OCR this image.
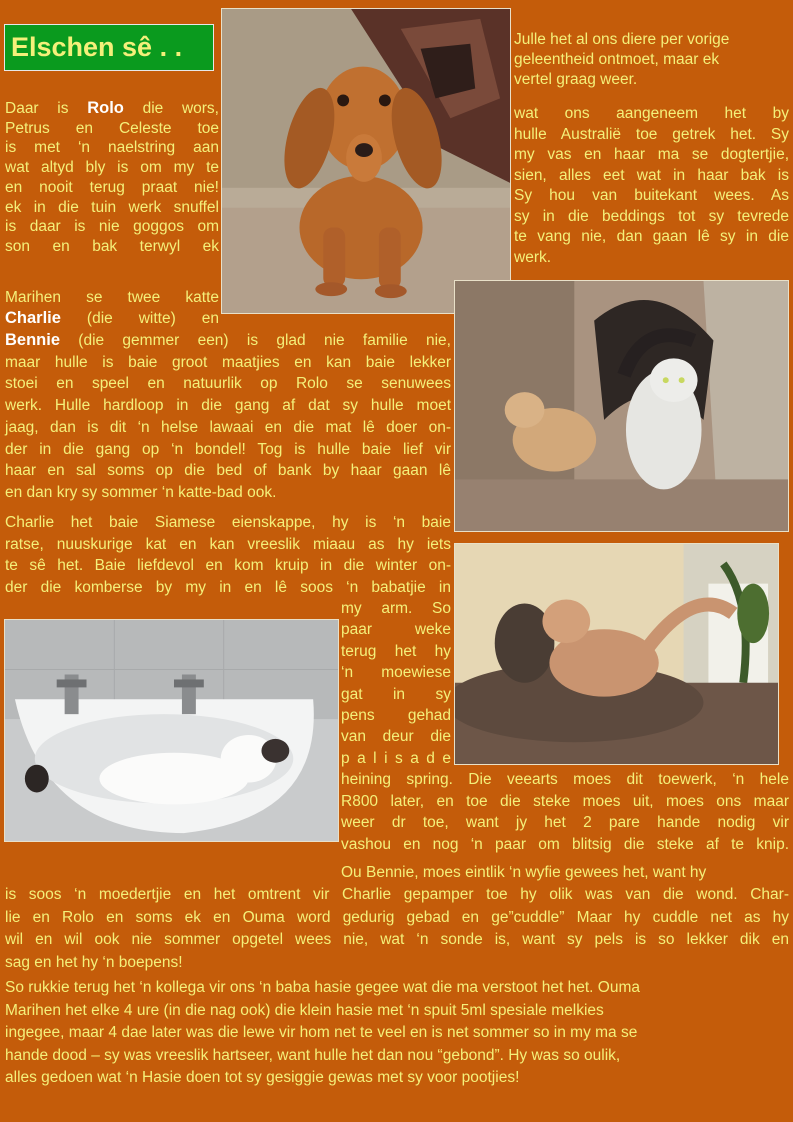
Elschen sê . .	Julle het al ons diere per vorige

geleentheid ontmoet, maar ek

vertel graag weer.

Daar is Rolo die wors,

Petrus en Celeste toe

is met ‘n naelstring aan

wat altyd bly is om my te

en nooit terug praat nie!

ek in die tuin werk snuffel

is daar is nie goggos om

son en bak terwyl ek

wat ons aangeneem het by

hulle Australië toe getrek het. Sy

my vas en haar ma se dogtertjie,

sien, alles eet wat in haar bak is

Sy hou van buitekant wees. As

sy in die beddings tot sy tevrede

te vang nie, dan gaan lê sy in die

werk.

Marihen se twee katte

Charlie (die witte) en

Bennie (die gemmer een) is glad nie familie nie,

maar hulle is baie groot maatjies en kan baie lekker

stoei en speel en natuurlik op Rolo se senuwees

werk. Hulle hardloop in die gang af dat sy hulle moet

jaag, dan is dit ‘n helse lawaai en die mat lê doer on-

der in die gang op ‘n bondel! Tog is hulle baie lief vir

haar en sal soms op die bed of bank by haar gaan lê

en dan kry sy sommer ‘n katte-bad ook.

Charlie het baie Siamese eienskappe, hy is ‘n baie

ratse, nuuskurige kat en kan vreeslik miaau as hy iets

te sê het. Baie liefdevol en kom kruip in die winter on-

der die komberse by my in en lê soos ‘n babatjie in

my arm. So

paar weke

terug het hy

‘n moewiese

gat in sy

pens gehad

van deur die

p a l i s a d e

heining spring. Die veearts moes dit toewerk, ‘n hele

R800 later, en toe die steke moes uit, moes ons maar

weer dr toe, want jy het 2 pare hande nodig vir

vashou en nog ‘n paar om blitsig die steke af te knip.

Ou Bennie, moes eintlik ‘n wyfie gewees het, want hy

is soos ‘n moedertjie en het omtrent vir Charlie gepamper toe hy olik was van die wond. Char-

lie en Rolo en soms ek en Ouma word gedurig gebad en ge”cuddle” Maar hy cuddle net as hy

wil en wil ook nie sommer opgetel wees nie, wat ‘n sonde is, want sy pels is so lekker dik en

sag en het hy ‘n boepens!

So rukkie terug het ‘n kollega vir ons ‘n baba hasie gegee wat die ma verstoot het het. Ouma

Marihen het elke 4 ure (in die nag ook) die klein hasie met ‘n spuit 5ml spesiale melkies

ingegee, maar 4 dae later was die lewe vir hom net te veel en is net sommer so in my ma se

hande dood – sy was vreeslik hartseer, want hulle het dan nou “gebond”. Hy was so oulik,

alles gedoen wat ‘n Hasie doen tot sy gesiggie gewas met sy voor pootjies!
